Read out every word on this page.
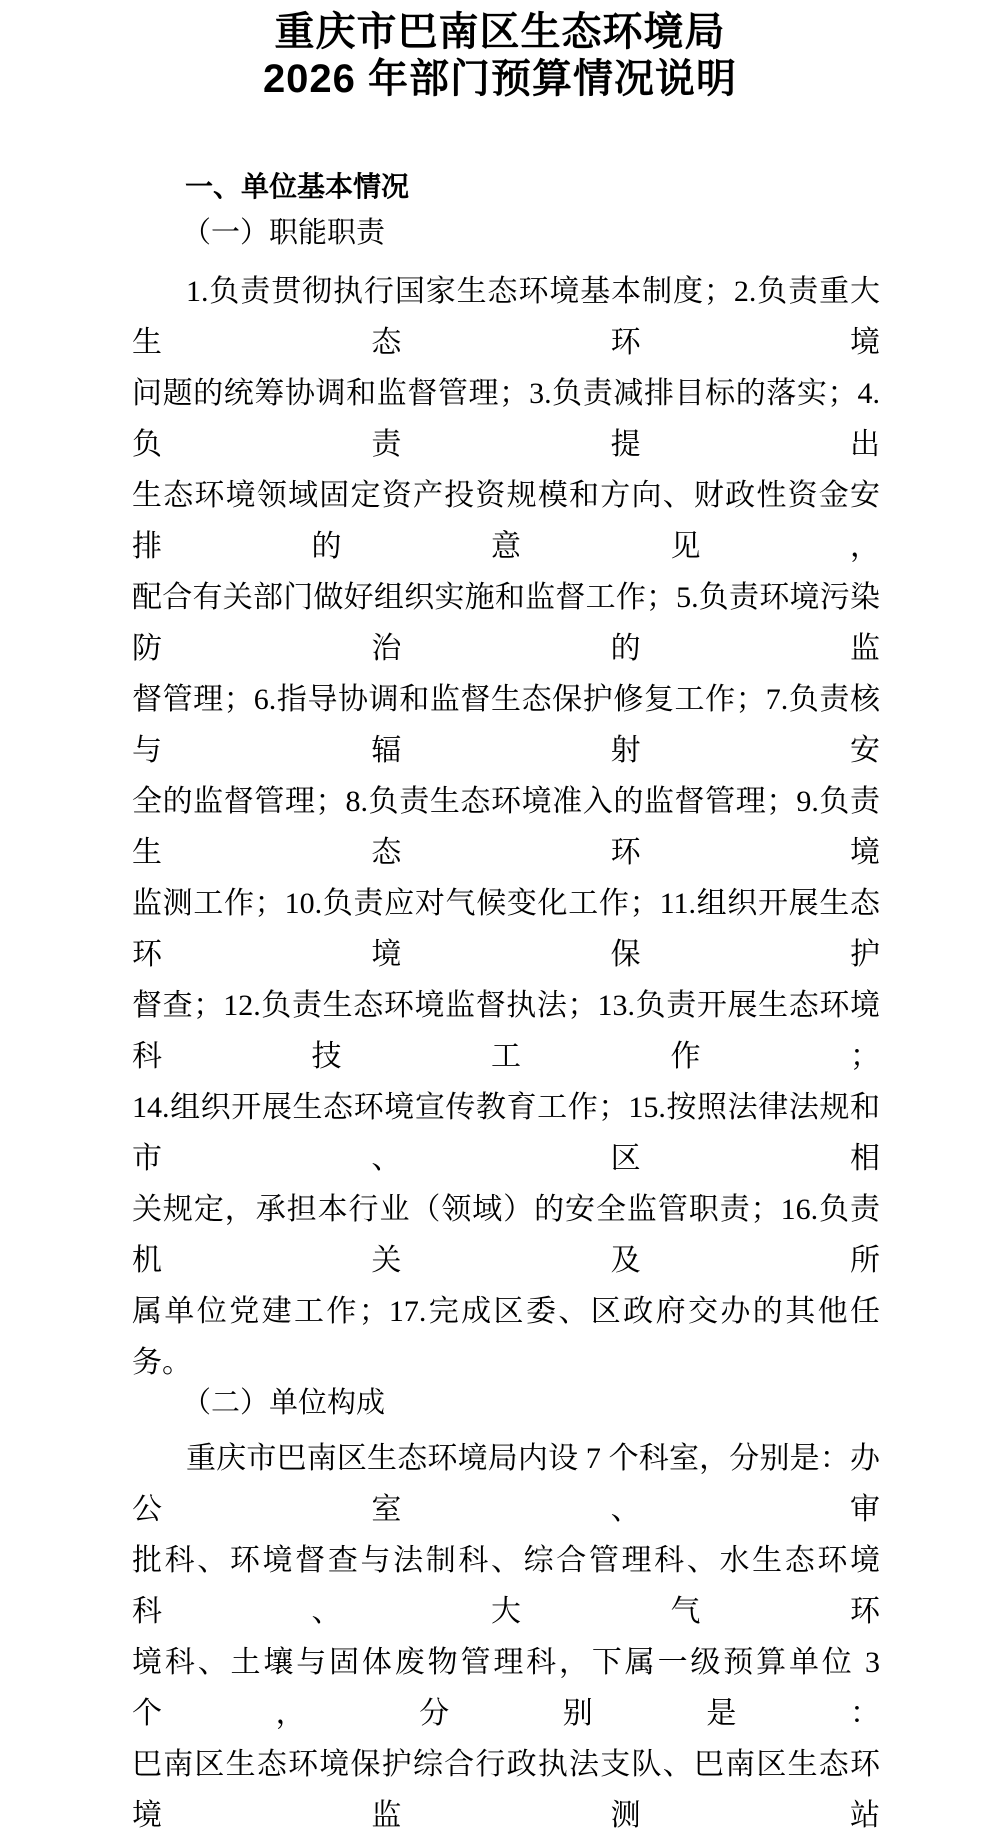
重庆市巴南区生态环境局
2026 年部门预算情况说明
一、单位基本情况
（一）职能职责
1.负责贯彻执行国家生态环境基本制度；2.负责重大生态环境
问题的统筹协调和监督管理；3.负责减排目标的落实；4.负责提出
生态环境领域固定资产投资规模和方向、财政性资金安排的意见，
配合有关部门做好组织实施和监督工作；5.负责环境污染防治的监
督管理；6.指导协调和监督生态保护修复工作；7.负责核与辐射安
全的监督管理；8.负责生态环境准入的监督管理；9.负责生态环境
监测工作；10.负责应对气候变化工作；11.组织开展生态环境保护
督查；12.负责生态环境监督执法；13.负责开展生态环境科技工作；
14.组织开展生态环境宣传教育工作；15.按照法律法规和市、区相
关规定，承担本行业（领域）的安全监管职责；16.负责机关及所
属单位党建工作；17.完成区委、区政府交办的其他任务。
（二）单位构成
重庆市巴南区生态环境局内设 7 个科室，分别是：办公室、审
批科、环境督查与法制科、综合管理科、水生态环境科、大气环
境科、土壤与固体废物管理科，下属一级预算单位 3 个，分别是：
巴南区生态环境保护综合行政执法支队、巴南区生态环境监测站
